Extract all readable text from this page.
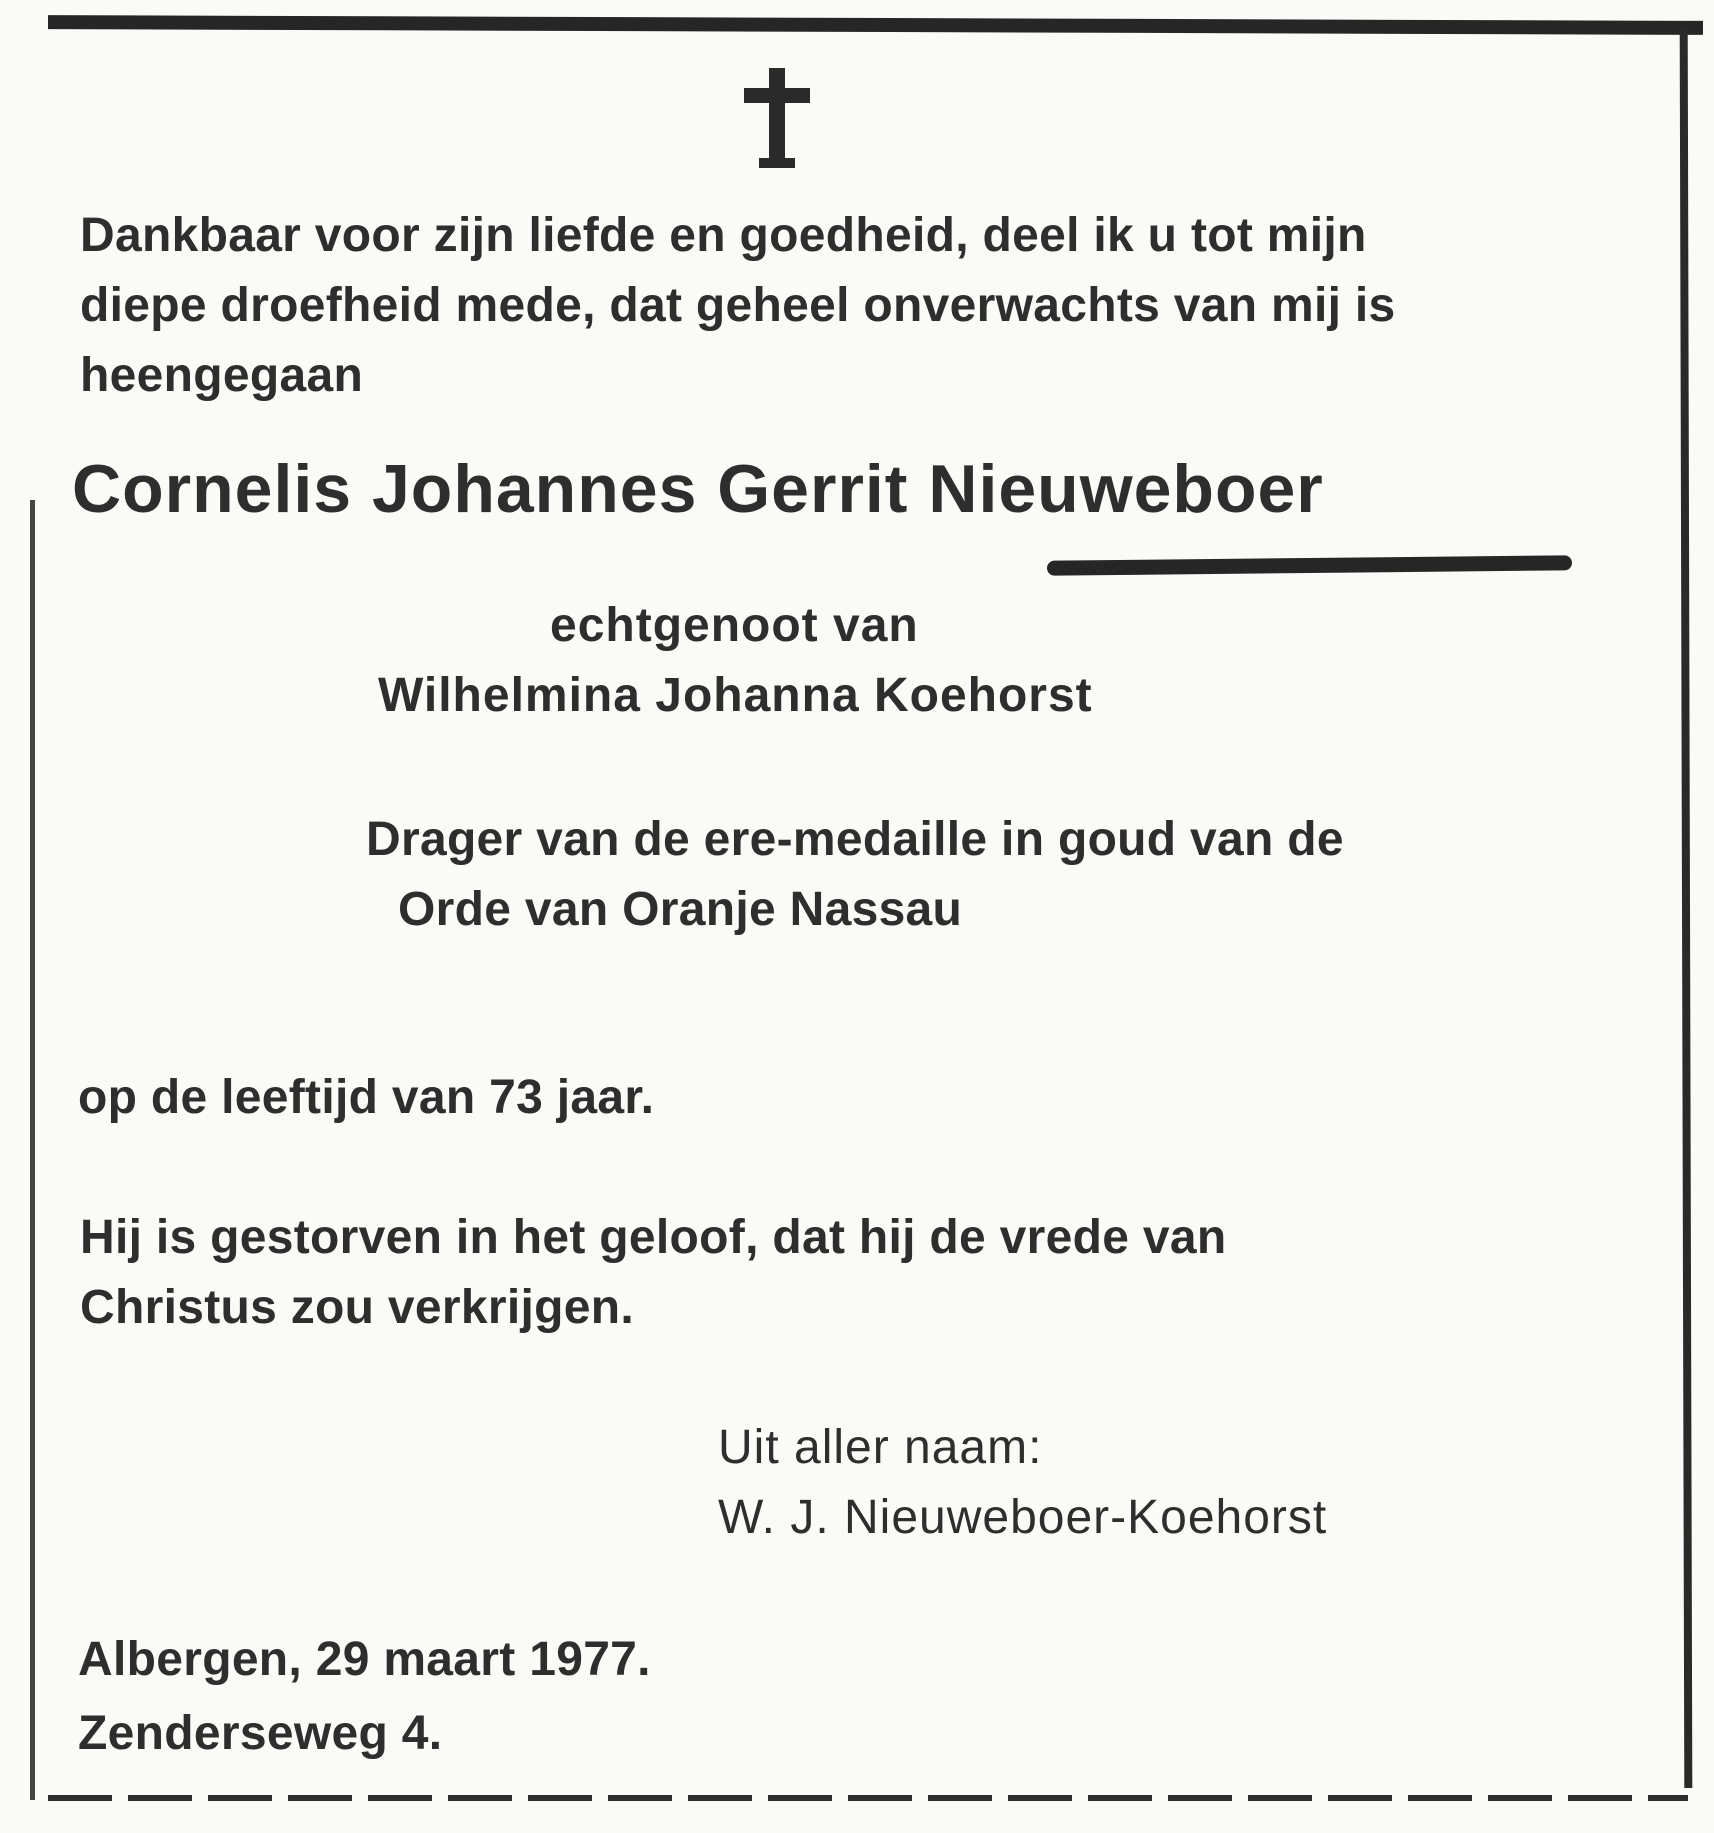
Dankbaar voor zijn liefde en goedheid, deel ik u tot mijn

diepe droefheid mede, dat geheel onverwachts van mij is

heengegaan

Cornelis Johannes Gerrit Nieuweboer

echtgenoot van

Wilhelmina Johanna Koehorst

Drager van de ere-medaille in goud van de

Orde van Oranje Nassau

op de leeftijd van 73 jaar.

Hij is gestorven in het geloof, dat hij de vrede van

Christus zou verkrijgen.

Uit aller naam:

W. J. Nieuweboer-Koehorst

Albergen, 29 maart 1977.

Zenderseweg 4.
